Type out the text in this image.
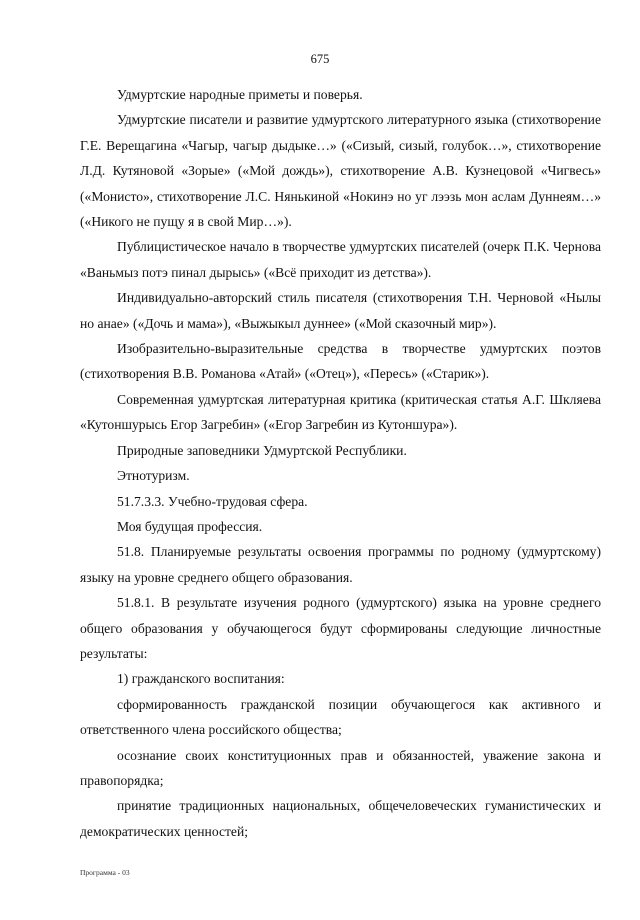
675

Удмуртские народные приметы и поверья.

Удмуртские писатели и развитие удмуртского литературного языка (стихотворение Г.Е. Верещагина «Чагыр, чагыр дыдыке…» («Сизый, сизый, голубок…», стихотворение Л.Д. Кутяновой «Зорые» («Мой дождь»), стихотворение А.В. Кузнецовой «Чигвесь» («Монисто», стихотворение Л.С. Нянькиной «Нокинэ но уг лээзь мон аслам Дуннеям…» («Никого не пущу я в свой Мир…»).

Публицистическое начало в творчестве удмуртских писателей (очерк П.К. Чернова «Ваньмыз потэ пинал дырысь» («Всё приходит из детства»).

Индивидуально-авторский стиль писателя (стихотворения Т.Н. Черновой «Нылы но анае» («Дочь и мама»), «Выжыкыл дуннее» («Мой сказочный мир»).

Изобразительно-выразительные средства в творчестве удмуртских поэтов (стихотворения В.В. Романова «Атай» («Отец»), «Пересь» («Старик»).

Современная удмуртская литературная критика (критическая статья А.Г. Шкляева «Кутоншурысь Егор Загребин» («Егор Загребин из Кутоншура»).

Природные заповедники Удмуртской Республики.

Этнотуризм.

51.7.3.3. Учебно-трудовая сфера.

Моя будущая профессия.

51.8. Планируемые результаты освоения программы по родному (удмуртскому) языку на уровне среднего общего образования.

51.8.1. В результате изучения родного (удмуртского) языка на уровне среднего общего образования у обучающегося будут сформированы следующие личностные результаты:

1) гражданского воспитания:

сформированность гражданской позиции обучающегося как активного и ответственного члена российского общества;

осознание своих конституционных прав и обязанностей, уважение закона и правопорядка;

принятие традиционных национальных, общечеловеческих гуманистических и демократических ценностей;

Программа - 03
